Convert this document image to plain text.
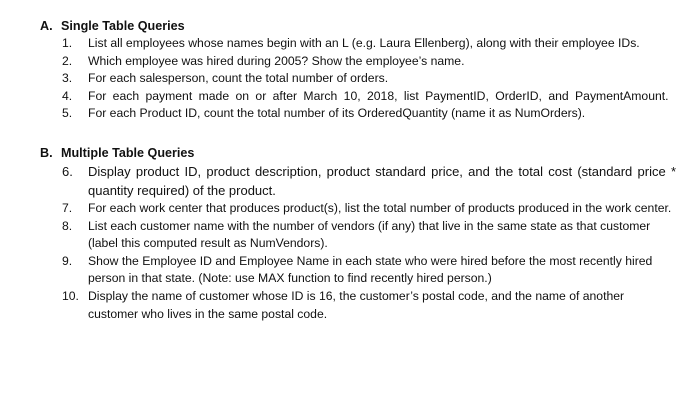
A. Single Table Queries
1.	List all employees whose names begin with an L (e.g. Laura Ellenberg), along with their employee IDs.
2.	Which employee was hired during 2005? Show the employee’s name.
3.	For each salesperson, count the total number of orders.
4.	For each payment made on or after March 10, 2018, list PaymentID, OrderID, and PaymentAmount.
5.	For each Product ID, count the total number of its OrderedQuantity (name it as NumOrders).
B. Multiple Table Queries
6.	Display product ID, product description, product standard price, and the total cost (standard price * quantity required) of the product.
7.	For each work center that produces product(s), list the total number of products produced in the work center.
8.	List each customer name with the number of vendors (if any) that live in the same state as that customer (label this computed result as NumVendors).
9.	Show the Employee ID and Employee Name in each state who were hired before the most recently hired person in that state. (Note: use MAX function to find recently hired person.)
10. Display the name of customer whose ID is 16, the customer’s postal code, and the name of another customer who lives in the same postal code.
